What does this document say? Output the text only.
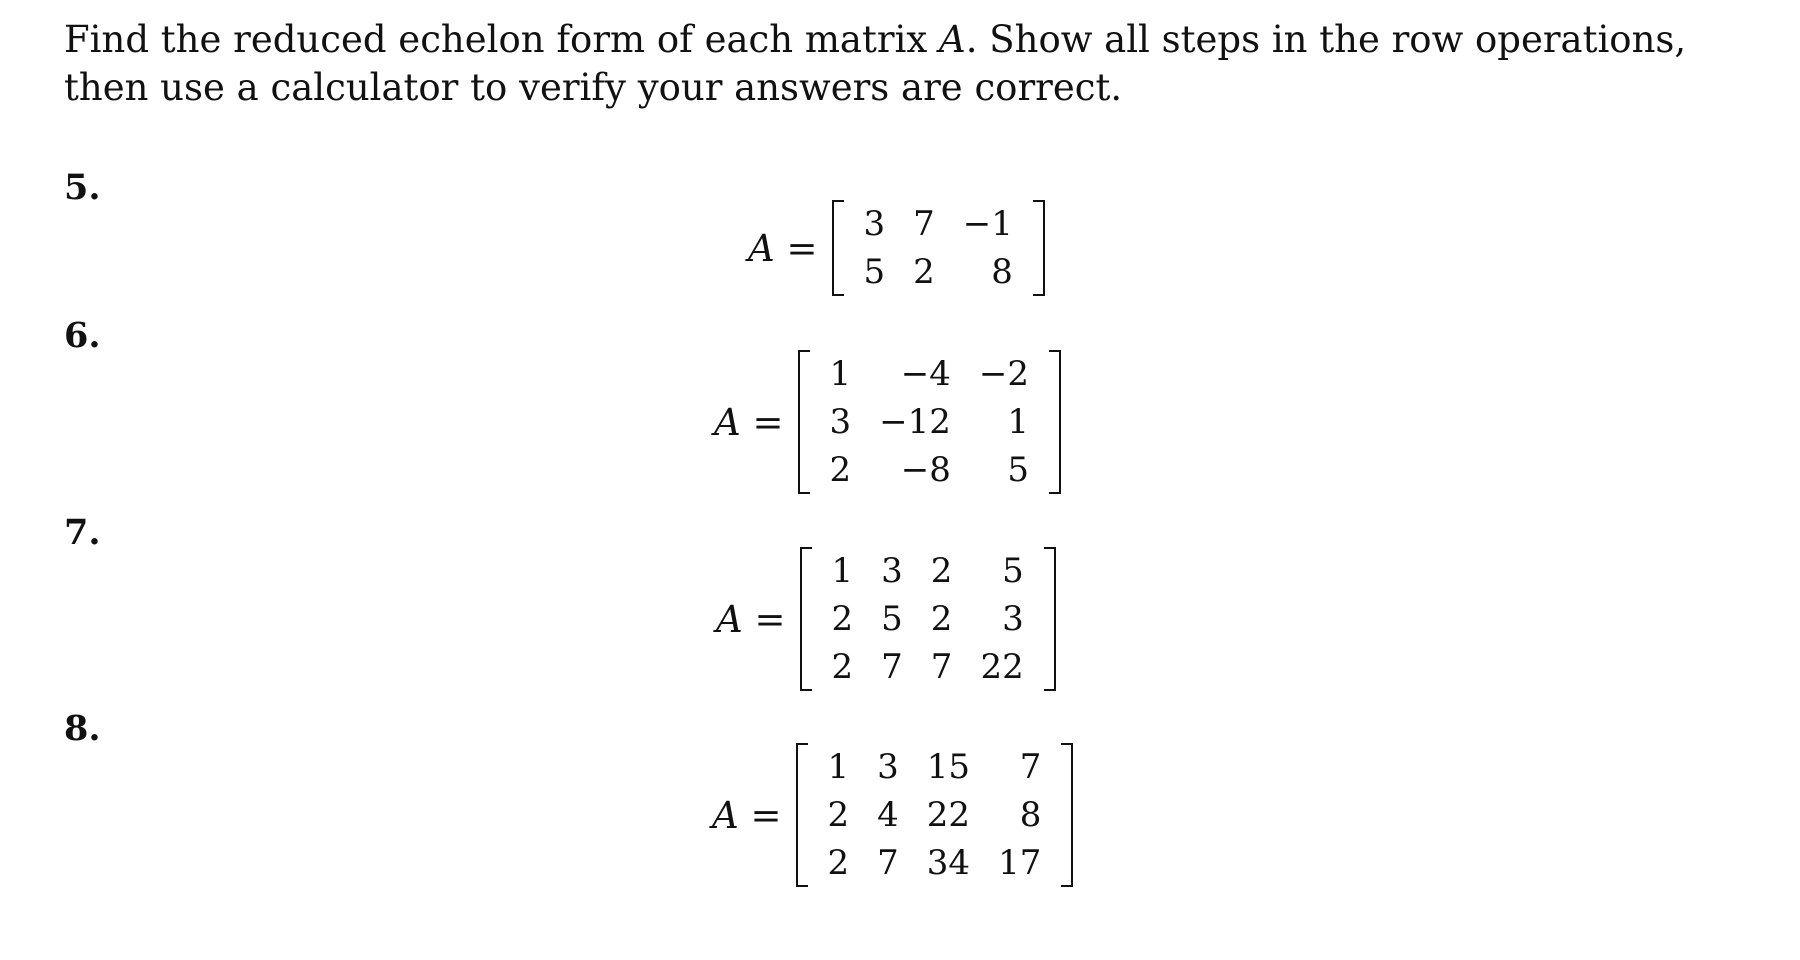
Find the reduced echelon form of each matrix A. Show all steps in the row operations, then use a calculator to verify your answers are correct.
5.
A =
3	7	−1
5	2	8
6.
A =
1	−4	−2
3	−12	1
2	−8	5
7.
A =
1	3	2	5
2	5	2	3
2	7	7	22
8.
A =
1	3	15	7
2	4	22	8
2	7	34	17
